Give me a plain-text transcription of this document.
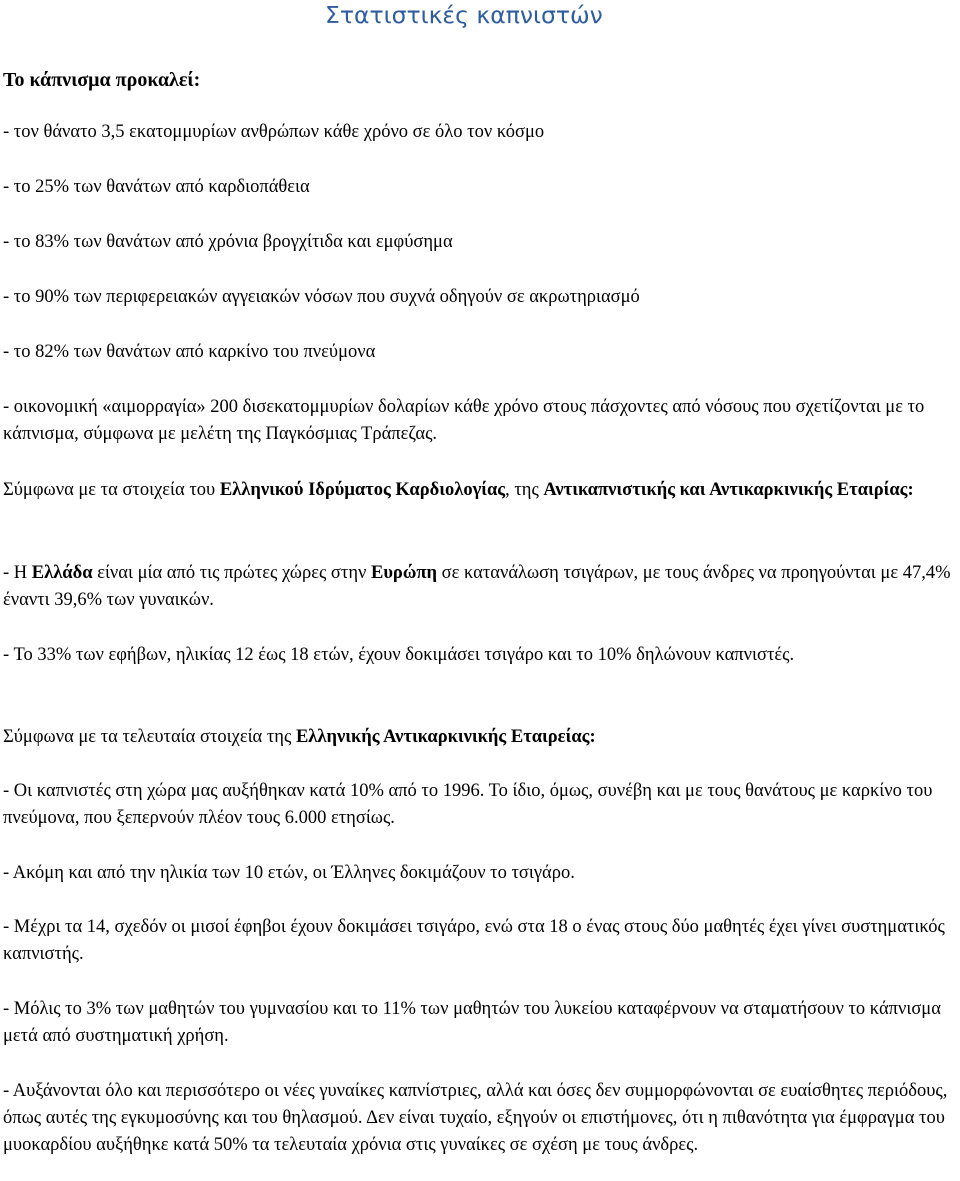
Στατιστικές καπνιστών

Το κάπνισμα προκαλεί:

- τον θάνατο 3,5 εκατομμυρίων ανθρώπων κάθε χρόνο σε όλο τον κόσμο

- το 25% των θανάτων από καρδιοπάθεια

- το 83% των θανάτων από χρόνια βρογχίτιδα και εμφύσημα

- το 90% των περιφερειακών αγγειακών νόσων που συχνά οδηγούν σε ακρωτηριασμό

- το 82% των θανάτων από καρκίνο του πνεύμονα

- οικονομική «αιμορραγία» 200 δισεκατομμυρίων δολαρίων κάθε χρόνο στους πάσχοντες από νόσους που σχετίζονται με το κάπνισμα, σύμφωνα με μελέτη της Παγκόσμιας Τράπεζας.

Σύμφωνα με τα στοιχεία του Ελληνικού Ιδρύματος Καρδιολογίας, της Αντικαπνιστικής και Αντικαρκινικής Εταιρίας:

- Η Ελλάδα είναι μία από τις πρώτες χώρες στην Ευρώπη σε κατανάλωση τσιγάρων, με τους άνδρες να προηγούνται με 47,4% έναντι 39,6% των γυναικών.

- Το 33% των εφήβων, ηλικίας 12 έως 18 ετών, έχουν δοκιμάσει τσιγάρο και το 10% δηλώνουν καπνιστές.

Σύμφωνα με τα τελευταία στοιχεία της Ελληνικής Αντικαρκινικής Εταιρείας:

- Οι καπνιστές στη χώρα μας αυξήθηκαν κατά 10% από το 1996. Το ίδιο, όμως, συνέβη και με τους θανάτους με καρκίνο του πνεύμονα, που ξεπερνούν πλέον τους 6.000 ετησίως.

- Ακόμη και από την ηλικία των 10 ετών, οι Έλληνες δοκιμάζουν το τσιγάρο.

- Μέχρι τα 14, σχεδόν οι μισοί έφηβοι έχουν δοκιμάσει τσιγάρο, ενώ στα 18 ο ένας στους δύο μαθητές έχει γίνει συστηματικός καπνιστής.

- Μόλις το 3% των μαθητών του γυμνασίου και το 11% των μαθητών του λυκείου καταφέρνουν να σταματήσουν το κάπνισμα μετά από συστηματική χρήση.

- Αυξάνονται όλο και περισσότερο οι νέες γυναίκες καπνίστριες, αλλά και όσες δεν συμμορφώνονται σε ευαίσθητες περιόδους, όπως αυτές της εγκυμοσύνης και του θηλασμού. Δεν είναι τυχαίο, εξηγούν οι επιστήμονες, ότι η πιθανότητα για έμφραγμα του μυοκαρδίου αυξήθηκε κατά 50% τα τελευταία χρόνια στις γυναίκες σε σχέση με τους άνδρες.
